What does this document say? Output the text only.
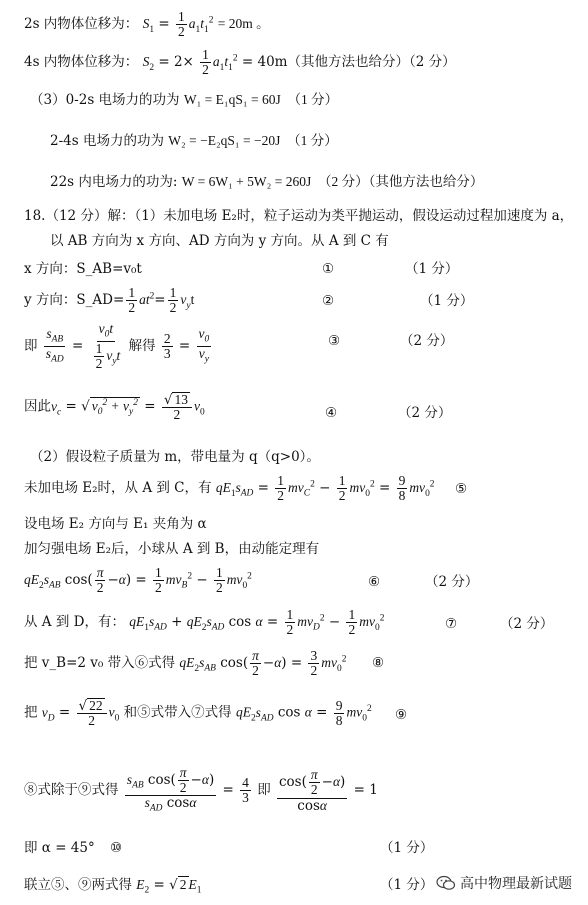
2s 内物体位移为： $S_1 = \frac{1}{2} a_1t_1^2 = 20m$ 。
4s 内物体位移为： $S_2 = 2\times \frac{1}{2} a_1t_1^2 = 40m$（其他方法也给分）（2 分）
（3）0-2s 电场力的功为 W₁ = E₁qS₁ = 60J　（1 分）
2-4s 电场力的功为 W₂ = −E₂qS₁ = −20J　（1 分）
22s 内电场力的功为: W = 6W₁ + 5W₂ = 260J　（2 分）（其他方法也给分）
18.（12 分）解：（1）未加电场 E₂时，粒子运动为类平抛运动，假设运动过程加速度为 a，
以 AB 方向为 x 方向、AD 方向为 y 方向。从 A 到 C 有
x 方向：S_AB=v₀t	①	（1 分）
y 方向：S_AD= $\frac{1}{2} at^2= \frac{1}{2} v_yt$	②	（1 分）
即
$s_{AB}$
$s_{AD}$
=
$v_0t$
$\frac{1}{2} v_yt$
解得 $\frac{2}{3} = \frac{v_0}{v_y}$	③	（2 分）
因此$v_c$ = √ $v_0^2 + v_y^2 = \frac{√ 13}{2} v_0$	④	（2 分）
（2）假设粒子质量为 m，带电量为 q（q>0）。
未加电场 E₂时，从 A 到 C，有 $qE_1s_{AD} = \frac{1}{2} mv_C^2 - \frac{1}{2} mv_0^2 = \frac{9}{8} mv_0^2$ ⑤
设电场 E₂ 方向与 E₁ 夹角为 α
加匀强电场 E₂后，小球从 A 到 B，由动能定理有
$qE_2s_{AB}$ $\cos( \frac{\pi}{2} -\alpha) = \frac{1}{2} mv_B^2 - \frac{1}{2} mv_0^2$	⑥	（2 分）
从 A 到 D，有： $qE_1s_{AD} + qE_2s_{AD}$ $\cos \alpha = \frac{1}{2} mv_D^2 - \frac{1}{2} mv_0^2$	⑦	（2 分）
把 v_B=2 v₀ 带入⑥式得 $qE_2s_{AB}$ $\cos( \frac{\pi}{2} -\alpha) = \frac{3}{2} mv_0^2$ ⑧
把 $v_D = \frac{√ 22}{2} v_0$ 和⑤式带入⑦式得 $qE_2s_{AD}$ $\cos \alpha = \frac{9}{8} mv_0^2$ ⑨
⑧式除于⑨式得
$s_{AB}$ $\cos( \frac{\pi}{2} -\alpha)$
$s_{AD}$ cosα
= $\frac{4}{3}$ 即 $\frac{\cos( \frac{\pi}{2} -\alpha)}{\cos\alpha} = 1$
即 α = 45° ⑩	（1 分）
联立⑤、⑨两式得 $E_2$ = √ 2 $E_1$	（1 分） 高中物理最新试题
